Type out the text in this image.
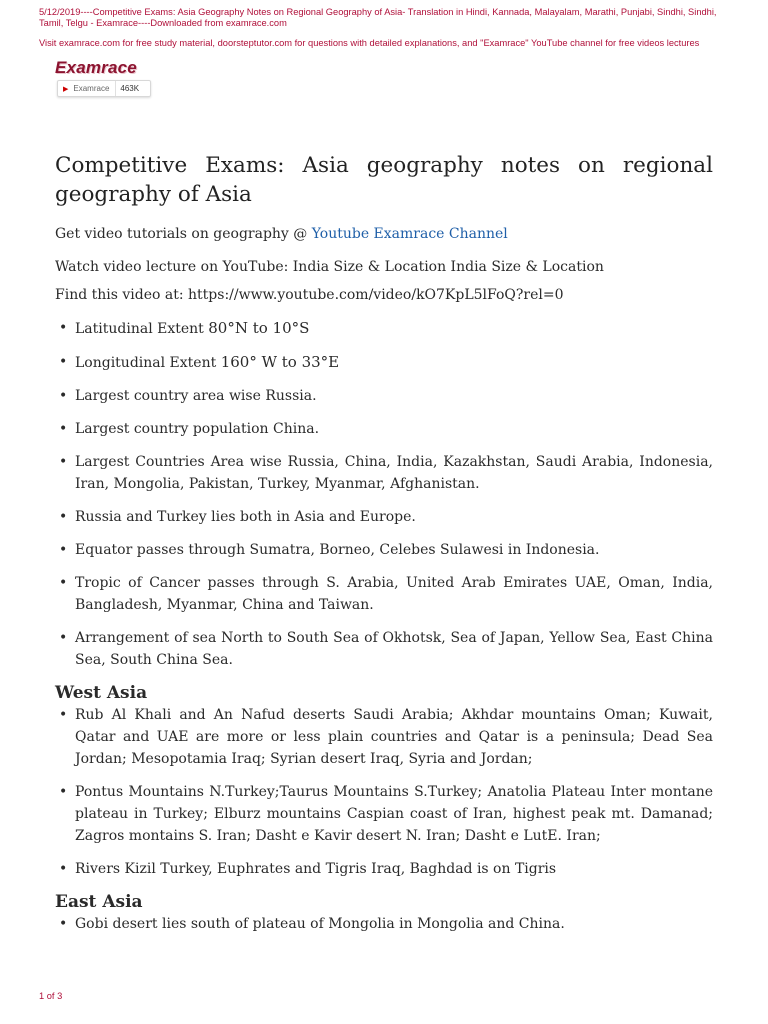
5/12/2019----Competitive Exams: Asia Geography Notes on Regional Geography of Asia- Translation in Hindi, Kannada, Malayalam, Marathi, Punjabi, Sindhi, Sindhi, Tamil, Telgu - Examrace----Downloaded from examrace.com

Visit examrace.com for free study material, doorsteptutor.com for questions with detailed explanations, and "Examrace" YouTube channel for free videos lectures

Examrace
▶ Examrace	463K
Competitive Exams: Asia geography notes on regional geography of Asia

Get video tutorials on geography @ Youtube Examrace Channel

Watch video lecture on YouTube: India Size & Location India Size & Location

Find this video at: https://www.youtube.com/video/kO7KpL5lFoQ?rel=0

• Latitudinal Extent 80°N to 10°S
• Longitudinal Extent 160° W to 33°E
• Largest country area wise Russia.
• Largest country population China.
• Largest Countries Area wise Russia, China, India, Kazakhstan, Saudi Arabia, Indonesia, Iran, Mongolia, Pakistan, Turkey, Myanmar, Afghanistan.
• Russia and Turkey lies both in Asia and Europe.
• Equator passes through Sumatra, Borneo, Celebes Sulawesi in Indonesia.
• Tropic of Cancer passes through S. Arabia, United Arab Emirates UAE, Oman, India, Bangladesh, Myanmar, China and Taiwan.
• Arrangement of sea North to South Sea of Okhotsk, Sea of Japan, Yellow Sea, East China Sea, South China Sea.
West Asia
• Rub Al Khali and An Nafud deserts Saudi Arabia; Akhdar mountains Oman; Kuwait, Qatar and UAE are more or less plain countries and Qatar is a peninsula; Dead Sea Jordan; Mesopotamia Iraq; Syrian desert Iraq, Syria and Jordan;
• Pontus Mountains N.Turkey;Taurus Mountains S.Turkey; Anatolia Plateau Inter montane plateau in Turkey; Elburz mountains Caspian coast of Iran, highest peak mt. Damanad; Zagros montains S. Iran; Dasht e Kavir desert N. Iran; Dasht e LutE. Iran;
• Rivers Kizil Turkey, Euphrates and Tigris Iraq, Baghdad is on Tigris
East Asia
• Gobi desert lies south of plateau of Mongolia in Mongolia and China.
1 of 3
